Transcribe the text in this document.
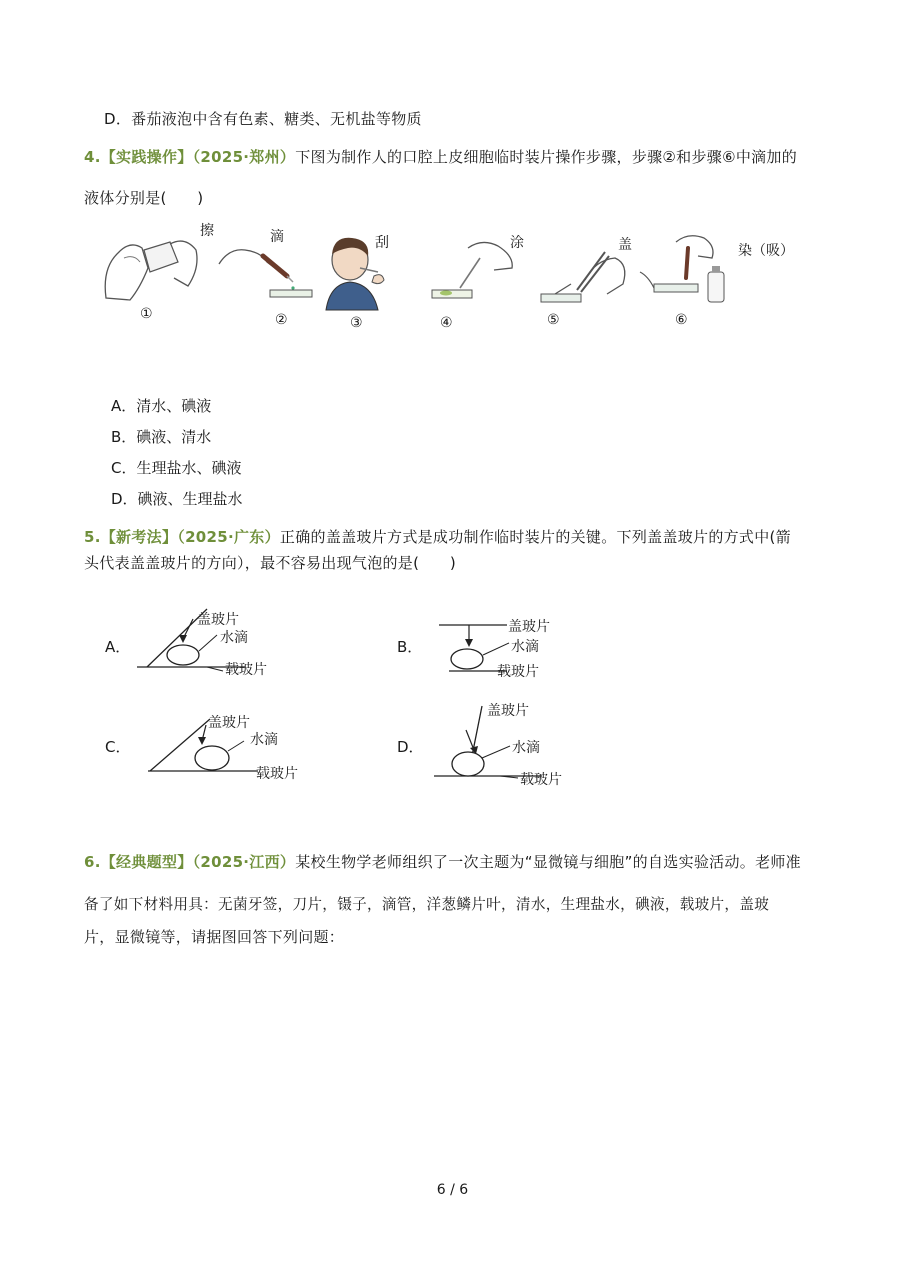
D．番茄液泡中含有色素、糖类、无机盐等物质
4.【实践操作】（2025·郑州）下图为制作人的口腔上皮细胞临时装片操作步骤，步骤②和步骤⑥中滴加的
液体分别是(　　)
擦
①
滴
②
刮
③
涂
④
盖
⑤
染（吸）
⑥
A．清水、碘液
B．碘液、清水
C．生理盐水、碘液
D．碘液、生理盐水
5.【新考法】（2025·广东）正确的盖盖玻片方式是成功制作临时装片的关键。下列盖盖玻片的方式中(箭
头代表盖盖玻片的方向），最不容易出现气泡的是(　　)
A．
盖玻片
水滴
载玻片
B．
盖玻片
水滴
载玻片
C．
盖玻片
水滴
载玻片
D．
盖玻片
水滴
载玻片
6.【经典题型】（2025·江西）某校生物学老师组织了一次主题为“显微镜与细胞”的自选实验活动。老师准
备了如下材料用具：无菌牙签，刀片，镊子，滴管，洋葱鳞片叶，清水，生理盐水，碘液，载玻片，盖玻
片，显微镜等，请据图回答下列问题：
6 / 6
